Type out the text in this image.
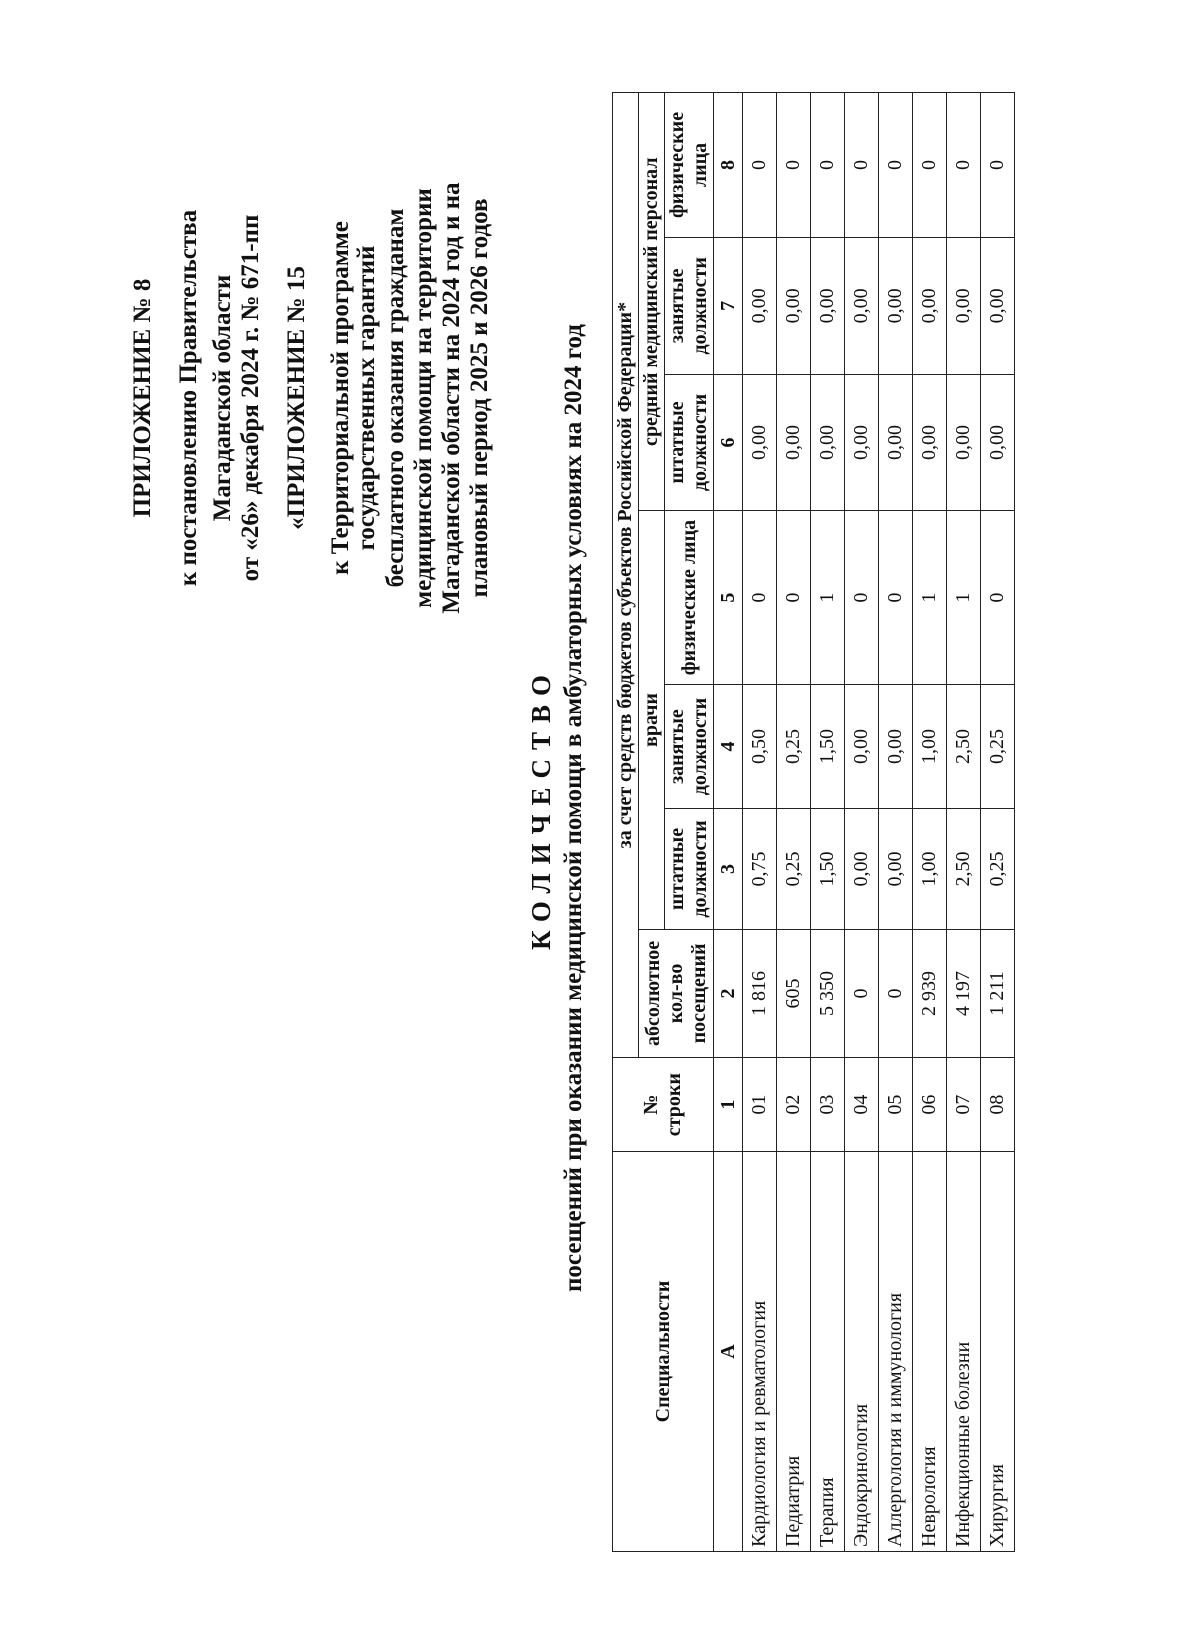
ПРИЛОЖЕНИЕ № 8 к постановлению Правительства Магаданской области от «26» декабря 2024 г. № 671-пп «ПРИЛОЖЕНИЕ № 15 к Территориальной программе государственных гарантий бесплатного оказания гражданам медицинской помощи на территории Магаданской области на 2024 год и на плановый период 2025 и 2026 годов
КОЛИЧЕСТВО посещений при оказании медицинской помощи в амбулаторных условиях на 2024 год
Специальности	№ строки	за счет средств бюджетов субъектов Российской Федерации*						
		абсолютное кол-во посещений	врачи			средний медицинский персонал		
			штатные должности	занятые должности	физические лица	штатные должности	занятые должности	физические лица
А	1	2	3	4	5	6	7	8
Кардиология и ревматология	01	1 816	0,75	0,50	0	0,00	0,00	0
Педиатрия	02	605	0,25	0,25	0	0,00	0,00	0
Терапия	03	5 350	1,50	1,50	1	0,00	0,00	0
Эндокринология	04	0	0,00	0,00	0	0,00	0,00	0
Аллергология и иммунология	05	0	0,00	0,00	0	0,00	0,00	0
Неврология	06	2 939	1,00	1,00	1	0,00	0,00	0
Инфекционные болезни	07	4 197	2,50	2,50	1	0,00	0,00	0
Хирургия	08	1 211	0,25	0,25	0	0,00	0,00	0
